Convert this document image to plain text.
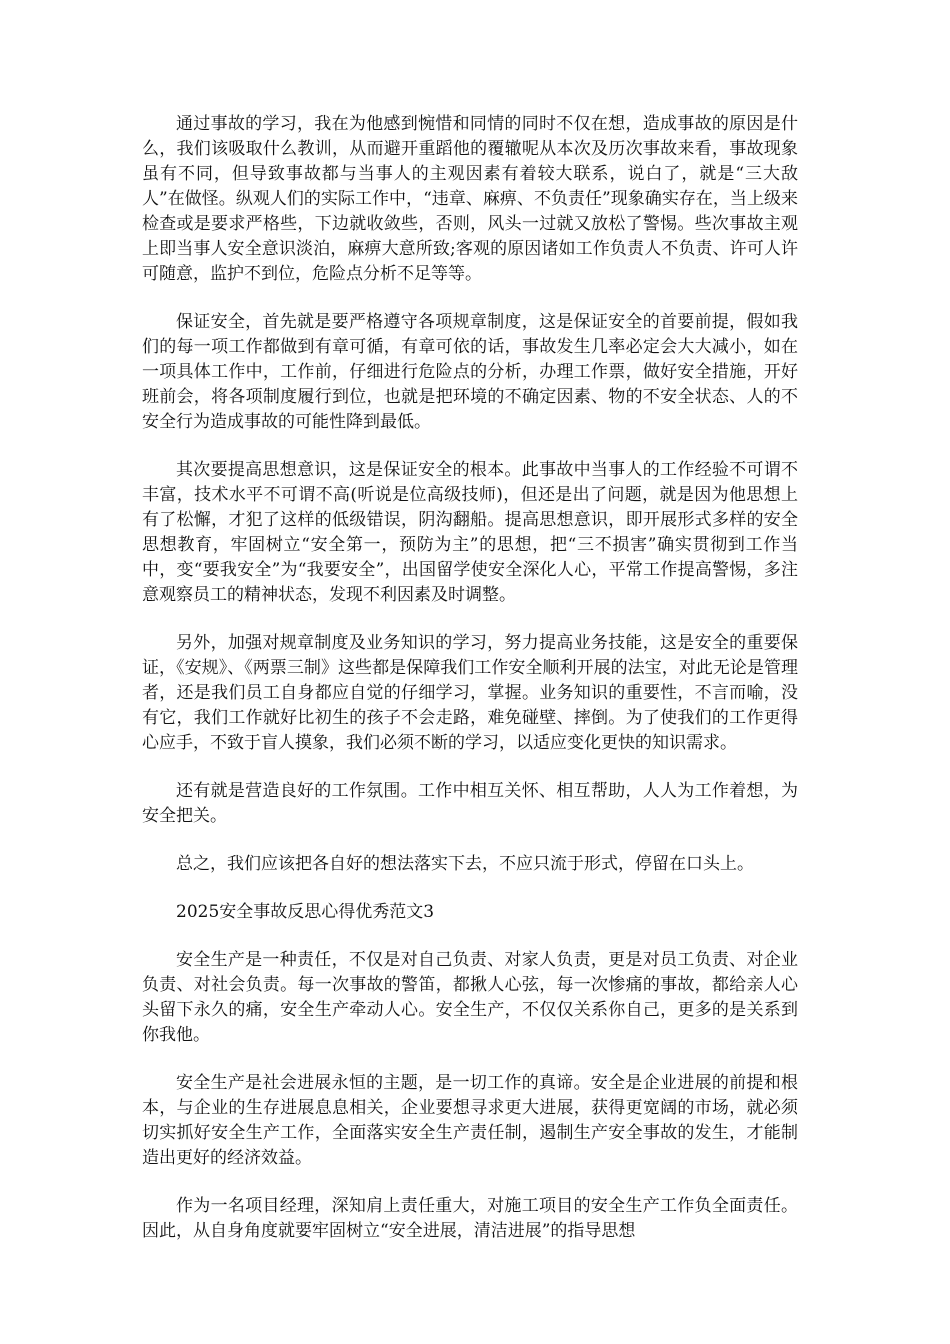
通过事故的学习，我在为他感到惋惜和同情的同时不仅在想，造成事故的原因是什么，我们该吸取什么教训，从而避开重蹈他的覆辙呢从本次及历次事故来看，事故现象虽有不同，但导致事故都与当事人的主观因素有着较大联系，说白了，就是“三大敌人”在做怪。纵观人们的实际工作中，“违章、麻痹、不负责任”现象确实存在，当上级来检查或是要求严格些，下边就收敛些，否则，风头一过就又放松了警惕。些次事故主观上即当事人安全意识淡泊，麻痹大意所致;客观的原因诸如工作负责人不负责、许可人许可随意，监护不到位，危险点分析不足等等。

保证安全，首先就是要严格遵守各项规章制度，这是保证安全的首要前提，假如我们的每一项工作都做到有章可循，有章可依的话，事故发生几率必定会大大减小，如在一项具体工作中，工作前，仔细进行危险点的分析，办理工作票，做好安全措施，开好班前会，将各项制度履行到位，也就是把环境的不确定因素、物的不安全状态、人的不安全行为造成事故的可能性降到最低。

其次要提高思想意识，这是保证安全的根本。此事故中当事人的工作经验不可谓不丰富，技术水平不可谓不高(听说是位高级技师)，但还是出了问题，就是因为他思想上有了松懈，才犯了这样的低级错误，阴沟翻船。提高思想意识，即开展形式多样的安全思想教育，牢固树立“安全第一，预防为主”的思想，把“三不损害”确实贯彻到工作当中，变“要我安全”为“我要安全”，出国留学使安全深化人心，平常工作提高警惕，多注意观察员工的精神状态，发现不利因素及时调整。

另外，加强对规章制度及业务知识的学习，努力提高业务技能，这是安全的重要保证，《安规》、《两票三制》这些都是保障我们工作安全顺利开展的法宝，对此无论是管理者，还是我们员工自身都应自觉的仔细学习，掌握。业务知识的重要性，不言而喻，没有它，我们工作就好比初生的孩子不会走路，难免碰壁、摔倒。为了使我们的工作更得心应手，不致于盲人摸象，我们必须不断的学习，以适应变化更快的知识需求。

还有就是营造良好的工作氛围。工作中相互关怀、相互帮助，人人为工作着想，为安全把关。

总之，我们应该把各自好的想法落实下去，不应只流于形式，停留在口头上。

2025安全事故反思心得优秀范文3

安全生产是一种责任，不仅是对自己负责、对家人负责，更是对员工负责、对企业负责、对社会负责。每一次事故的警笛，都揪人心弦，每一次惨痛的事故，都给亲人心头留下永久的痛，安全生产牵动人心。安全生产，不仅仅关系你自己，更多的是关系到你我他。

安全生产是社会进展永恒的主题，是一切工作的真谛。安全是企业进展的前提和根本，与企业的生存进展息息相关，企业要想寻求更大进展，获得更宽阔的市场，就必须切实抓好安全生产工作，全面落实安全生产责任制，遏制生产安全事故的发生，才能制造出更好的经济效益。

作为一名项目经理，深知肩上责任重大，对施工项目的安全生产工作负全面责任。因此，从自身角度就要牢固树立“安全进展，清洁进展”的指导思想
